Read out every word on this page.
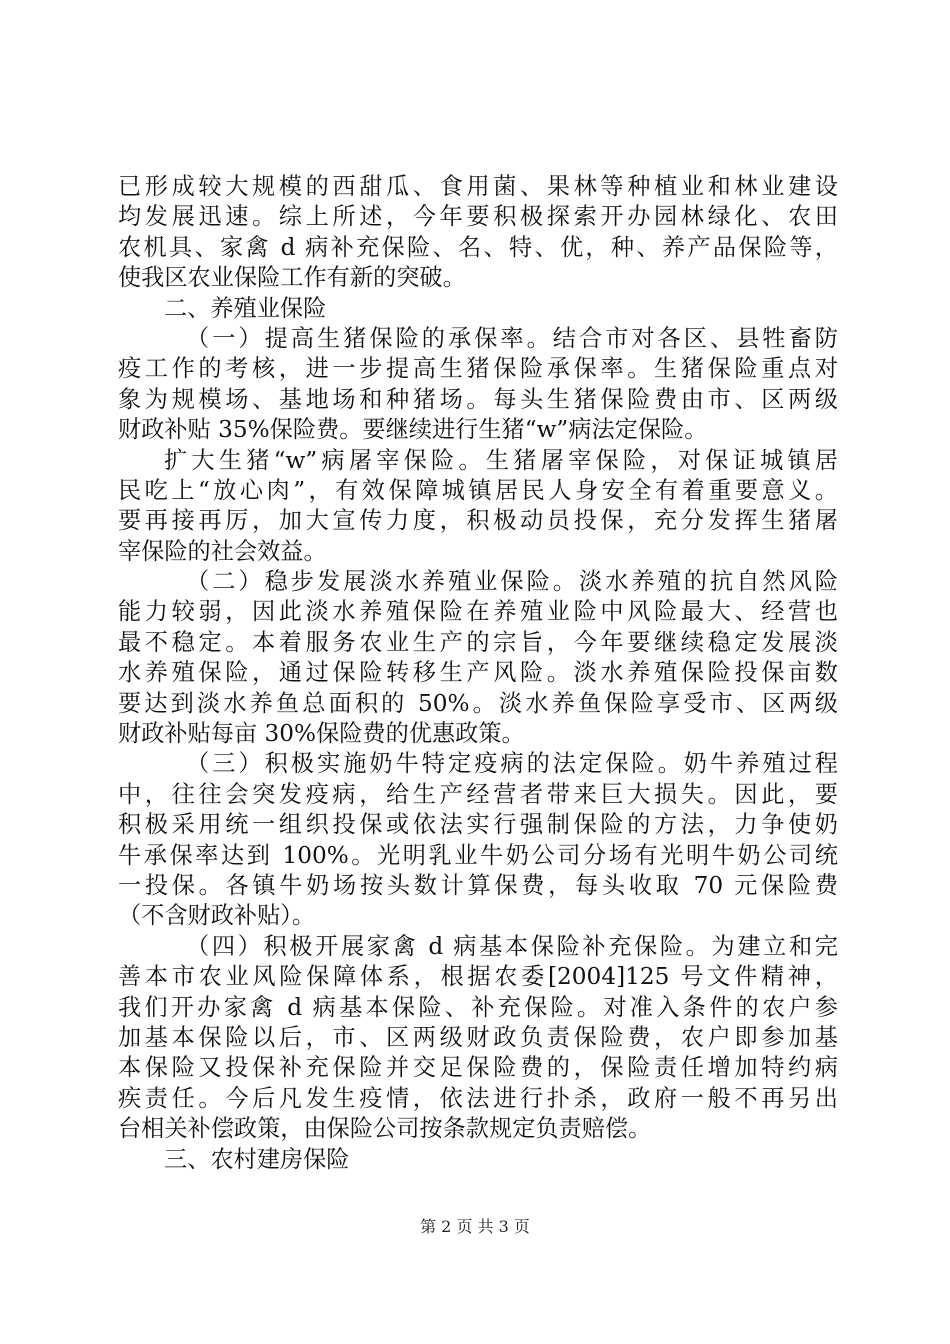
已形成较大规模的西甜瓜、食用菌、果林等种植业和林业建设
均发展迅速。综上所述，今年要积极探索开办园林绿化、农田
农机具、家禽 d 病补充保险、名、特、优，种、养产品保险等，
使我区农业保险工作有新的突破。
二、养殖业保险
（一）提高生猪保险的承保率。结合市对各区、县牲畜防
疫工作的考核，进一步提高生猪保险承保率。生猪保险重点对
象为规模场、基地场和种猪场。每头生猪保险费由市、区两级
财政补贴 35%保险费。要继续进行生猪“w”病法定保险。
扩大生猪“w”病屠宰保险。生猪屠宰保险，对保证城镇居
民吃上“放心肉”，有效保障城镇居民人身安全有着重要意义。
要再接再厉，加大宣传力度，积极动员投保，充分发挥生猪屠
宰保险的社会效益。
（二）稳步发展淡水养殖业保险。淡水养殖的抗自然风险
能力较弱，因此淡水养殖保险在养殖业险中风险最大、经营也
最不稳定。本着服务农业生产的宗旨，今年要继续稳定发展淡
水养殖保险，通过保险转移生产风险。淡水养殖保险投保亩数
要达到淡水养鱼总面积的 50%。淡水养鱼保险享受市、区两级
财政补贴每亩 30%保险费的优惠政策。
（三）积极实施奶牛特定疫病的法定保险。奶牛养殖过程
中，往往会突发疫病，给生产经营者带来巨大损失。因此，要
积极采用统一组织投保或依法实行强制保险的方法，力争使奶
牛承保率达到 100%。光明乳业牛奶公司分场有光明牛奶公司统
一投保。各镇牛奶场按头数计算保费，每头收取 70 元保险费
（不含财政补贴）。
（四）积极开展家禽 d 病基本保险补充保险。为建立和完
善本市农业风险保障体系，根据农委[2004]125 号文件精神，
我们开办家禽 d 病基本保险、补充保险。对准入条件的农户参
加基本保险以后，市、区两级财政负责保险费，农户即参加基
本保险又投保补充保险并交足保险费的，保险责任增加特约病
疾责任。今后凡发生疫情，依法进行扑杀，政府一般不再另出
台相关补偿政策，由保险公司按条款规定负责赔偿。
三、农村建房保险
第 2 页 共 3 页
